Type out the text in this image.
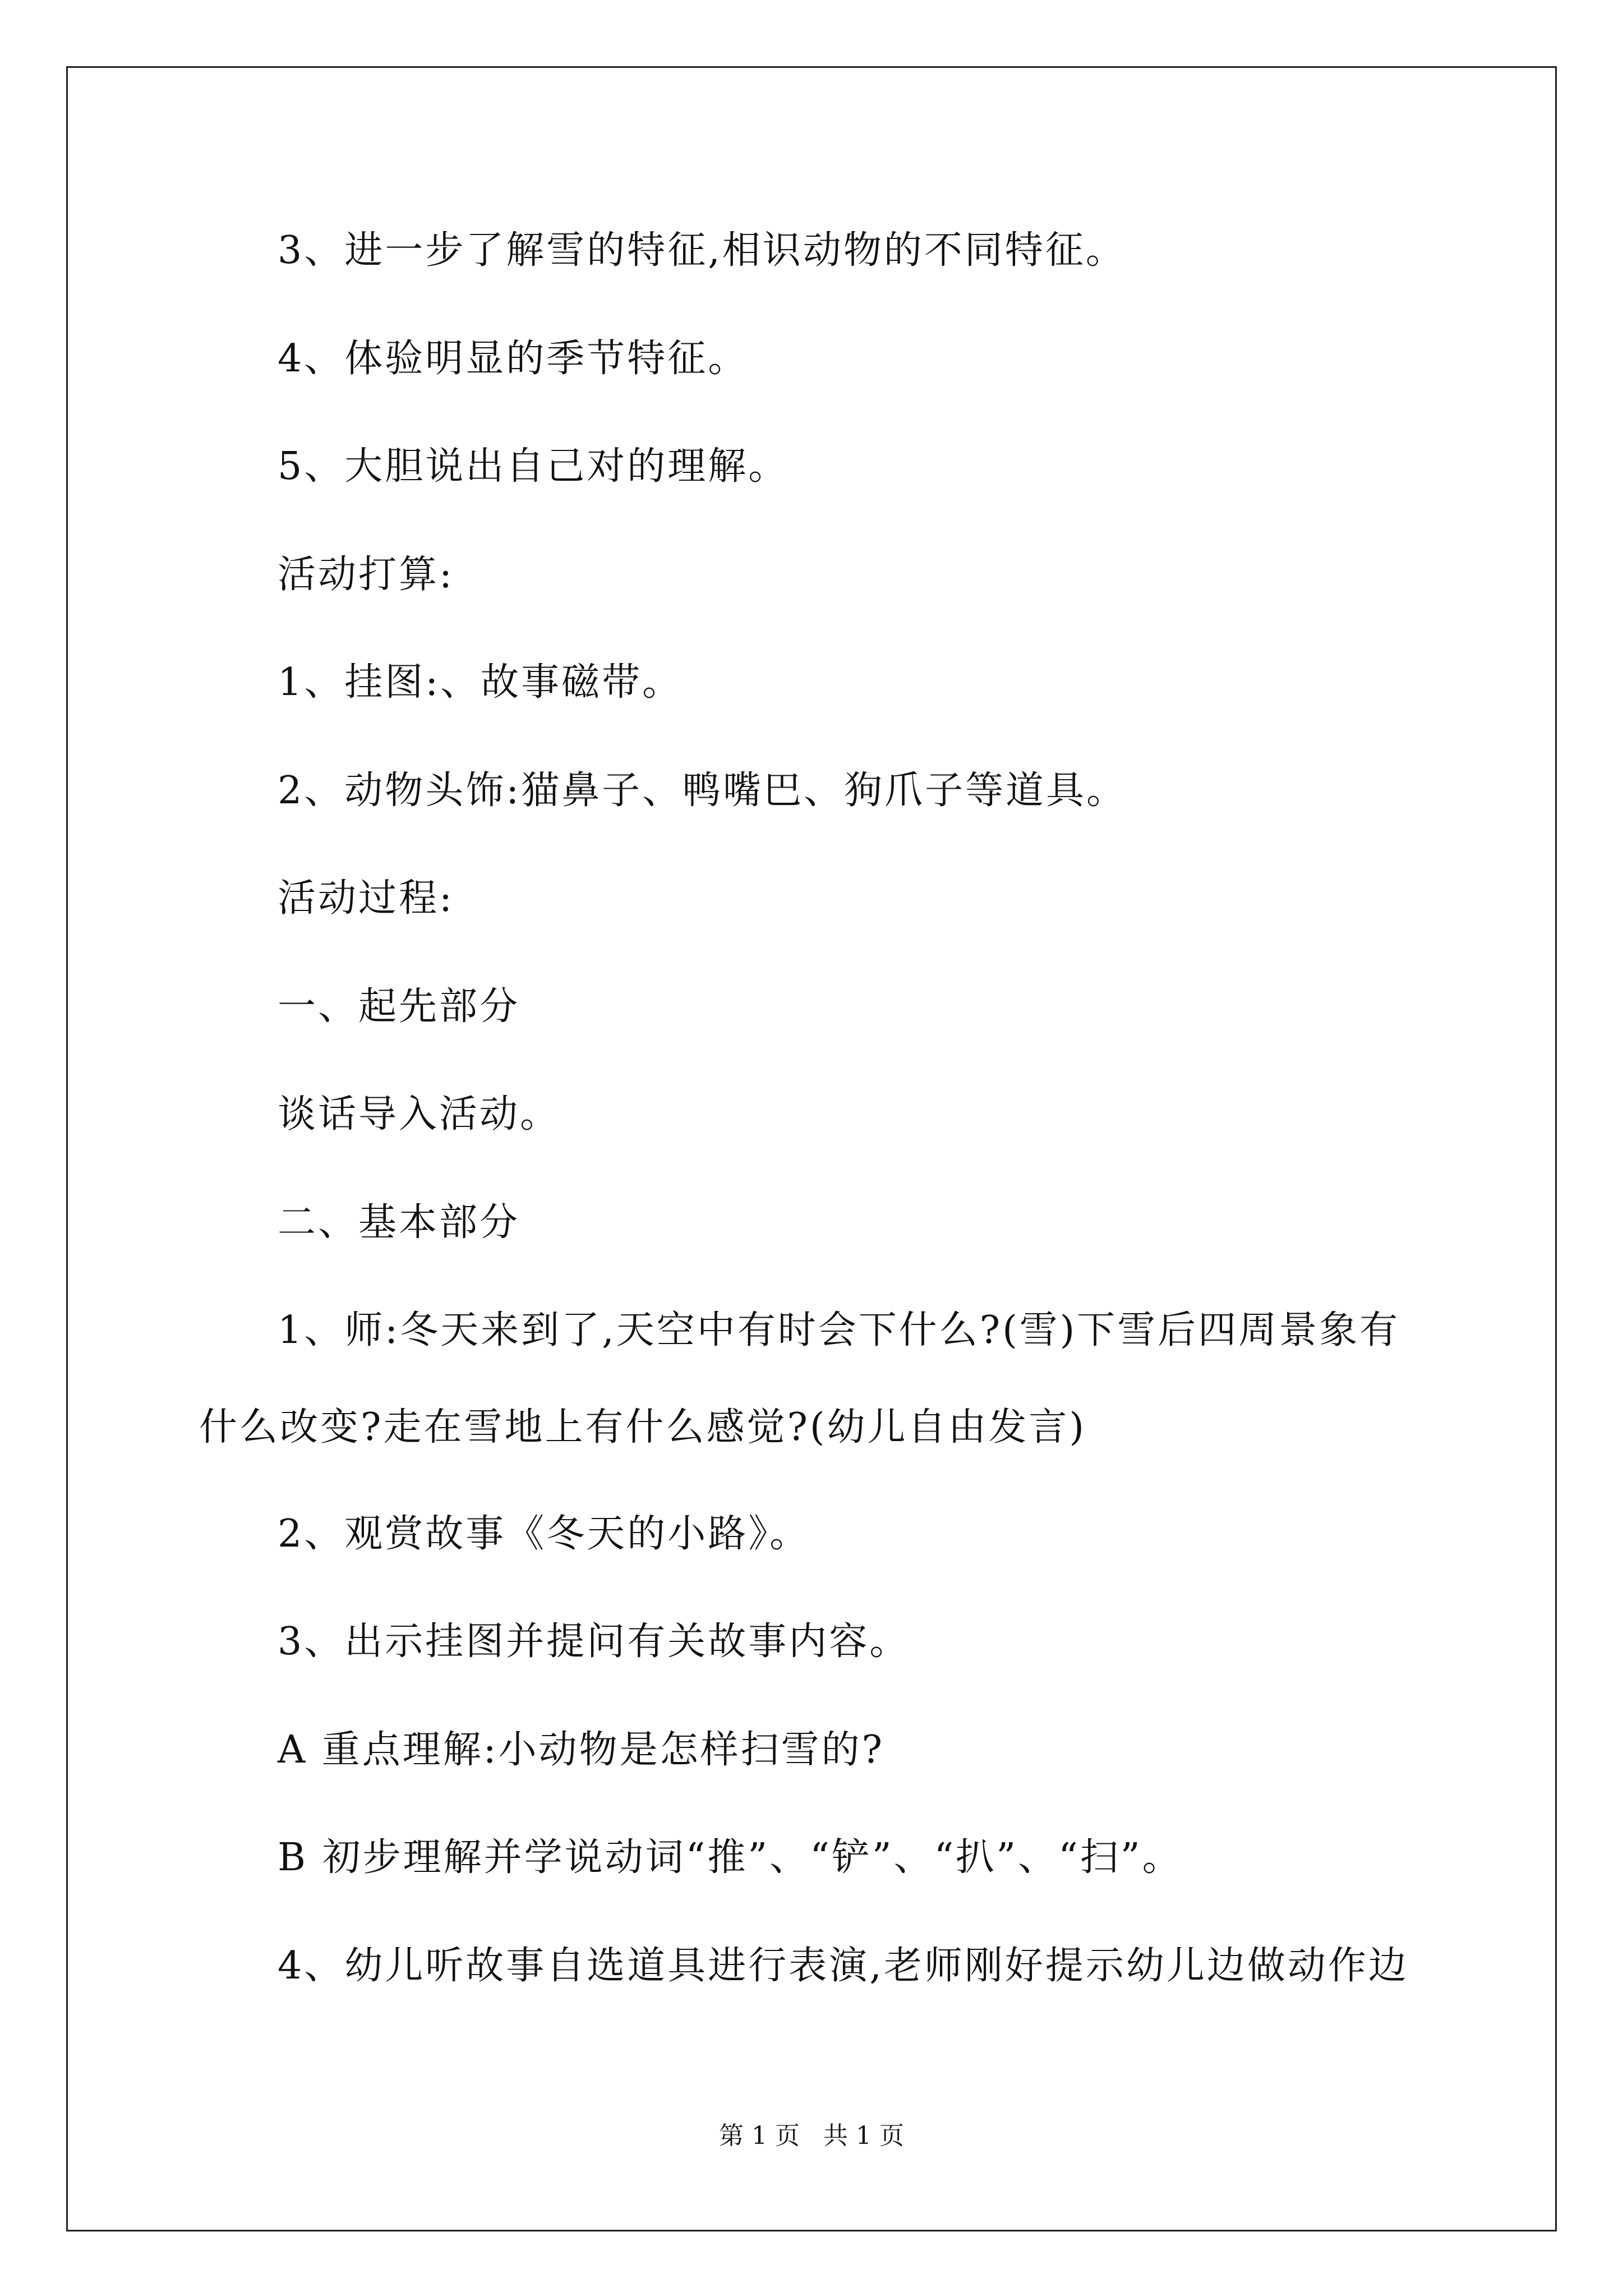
3、进一步了解雪的特征,相识动物的不同特征。
4、体验明显的季节特征。
5、大胆说出自己对的理解。
活动打算:
1、挂图:、故事磁带。
2、动物头饰:猫鼻子、鸭嘴巴、狗爪子等道具。
活动过程:
一、起先部分
谈话导入活动。
二、基本部分
1、师:冬天来到了,天空中有时会下什么?(雪)下雪后四周景象有
什么改变?走在雪地上有什么感觉?(幼儿自由发言)
2、观赏故事《冬天的小路》。
3、出示挂图并提问有关故事内容。
A 重点理解:小动物是怎样扫雪的?
B 初步理解并学说动词“推”、“铲”、“扒”、“扫”。
4、幼儿听故事自选道具进行表演,老师刚好提示幼儿边做动作边
第 1 页   共 1 页
